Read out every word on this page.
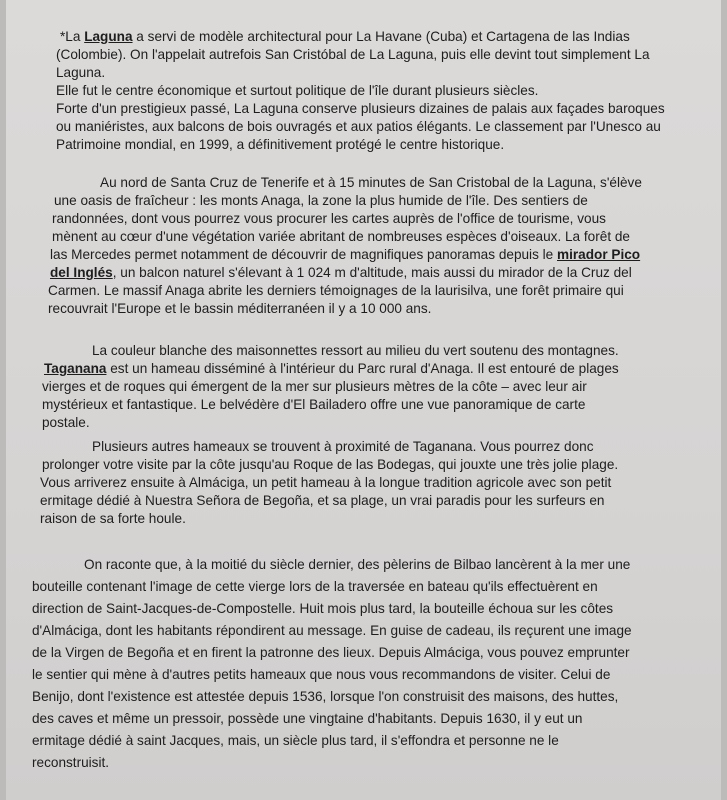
*La Laguna a servi de modèle architectural pour La Havane (Cuba) et Cartagena de las Indias
(Colombie). On l'appelait autrefois San Cristóbal de La Laguna, puis elle devint tout simplement La
Laguna.
Elle fut le centre économique et surtout politique de l'île durant plusieurs siècles.
Forte d'un prestigieux passé, La Laguna conserve plusieurs dizaines de palais aux façades baroques
ou maniéristes, aux balcons de bois ouvragés et aux patios élégants. Le classement par l'Unesco au
Patrimoine mondial, en 1999, a définitivement protégé le centre historique.
Au nord de Santa Cruz de Tenerife et à 15 minutes de San Cristobal de la Laguna, s'élève
une oasis de fraîcheur : les monts Anaga, la zone la plus humide de l'île. Des sentiers de
randonnées, dont vous pourrez vous procurer les cartes auprès de l'office de tourisme, vous
mènent au cœur d'une végétation variée abritant de nombreuses espèces d'oiseaux. La forêt de
las Mercedes permet notamment de découvrir de magnifiques panoramas depuis le mirador Pico
del Inglés, un balcon naturel s'élevant à 1 024 m d'altitude, mais aussi du mirador de la Cruz del
Carmen. Le massif Anaga abrite les derniers témoignages de la laurisilva, une forêt primaire qui
recouvrait l'Europe et le bassin méditerranéen il y a 10 000 ans.
La couleur blanche des maisonnettes ressort au milieu du vert soutenu des montagnes.
Taganana est un hameau disséminé à l'intérieur du Parc rural d'Anaga. Il est entouré de plages
vierges et de roques qui émergent de la mer sur plusieurs mètres de la côte – avec leur air
mystérieux et fantastique. Le belvédère d'El Bailadero offre une vue panoramique de carte
postale.
Plusieurs autres hameaux se trouvent à proximité de Taganana. Vous pourrez donc
prolonger votre visite par la côte jusqu'au Roque de las Bodegas, qui jouxte une très jolie plage.
Vous arriverez ensuite à Almáciga, un petit hameau à la longue tradition agricole avec son petit
ermitage dédié à Nuestra Señora de Begoña, et sa plage, un vrai paradis pour les surfeurs en
raison de sa forte houle.
On raconte que, à la moitié du siècle dernier, des pèlerins de Bilbao lancèrent à la mer une
bouteille contenant l'image de cette vierge lors de la traversée en bateau qu'ils effectuèrent en
direction de Saint-Jacques-de-Compostelle. Huit mois plus tard, la bouteille échoua sur les côtes
d'Almáciga, dont les habitants répondirent au message. En guise de cadeau, ils reçurent une image
de la Virgen de Begoña et en firent la patronne des lieux. Depuis Almáciga, vous pouvez emprunter
le sentier qui mène à d'autres petits hameaux que nous vous recommandons de visiter. Celui de
Benijo, dont l'existence est attestée depuis 1536, lorsque l'on construisit des maisons, des huttes,
des caves et même un pressoir, possède une vingtaine d'habitants. Depuis 1630, il y eut un
ermitage dédié à saint Jacques, mais, un siècle plus tard, il s'effondra et personne ne le
reconstruisit.
